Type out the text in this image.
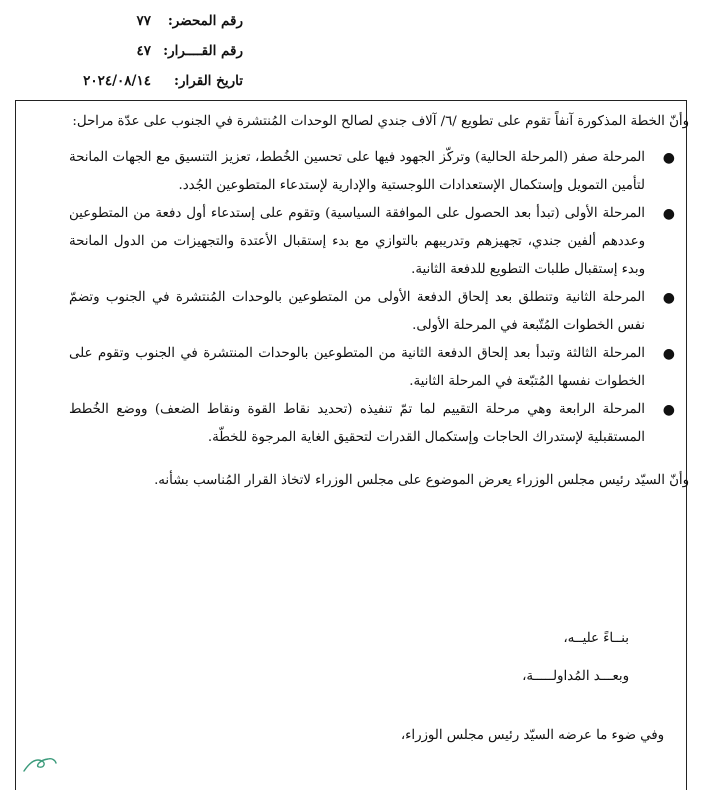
رقم المحضر:
٧٧
رقم القــــرار:
٤٧
تاريخ القرار:
٢٠٢٤/٠٨/١٤

وأنّ الخطة المذكورة آنفاً تقوم على تطويع /٦/ آلاف جندي لصالح الوحدات المُنتشرة في الجنوب على عدّة مراحل:

●
المرحلة صفر (المرحلة الحالية) وتركّز الجهود فيها على تحسين الخُطط، تعزيز التنسيق مع الجهات المانحة لتأمين التمويل وإستكمال الإستعدادات اللوجستية والإدارية لإستدعاء المتطوعين الجُدد.
●
المرحلة الأولى (تبدأ بعد الحصول على الموافقة السياسية) وتقوم على إستدعاء أول دفعة من المتطوعين وعددهم ألفين جندي، تجهيزهم وتدريبهم بالتوازي مع بدء إستقبال الأعتدة والتجهيزات من الدول المانحة وبدء إستقبال طلبات التطويع للدفعة الثانية.
●
المرحلة الثانية وتنطلق بعد إلحاق الدفعة الأولى من المتطوعين بالوحدات المُنتشرة في الجنوب وتضمّ نفس الخطوات المُتّبعة في المرحلة الأولى.
●
المرحلة الثالثة وتبدأ بعد إلحاق الدفعة الثانية من المتطوعين بالوحدات المنتشرة في الجنوب وتقوم على الخطوات نفسها المُتبّعة في المرحلة الثانية.
●
المرحلة الرابعة وهي مرحلة التقييم لما تمّ تنفيذه (تحديد نقاط القوة ونقاط الضعف) ووضع الخُطط المستقبلية لإستدراك الحاجات وإستكمال القدرات لتحقيق الغاية المرجوة للخطّة.

وأنّ السيّد رئيس مجلس الوزراء يعرض الموضوع على مجلس الوزراء لاتخاذ القرار المُناسب بشأنه.

بنــاءً عليــه،
وبعـــد المُداولـــــة،
وفي ضوء ما عرضه السيّد رئيس مجلس الوزراء،
